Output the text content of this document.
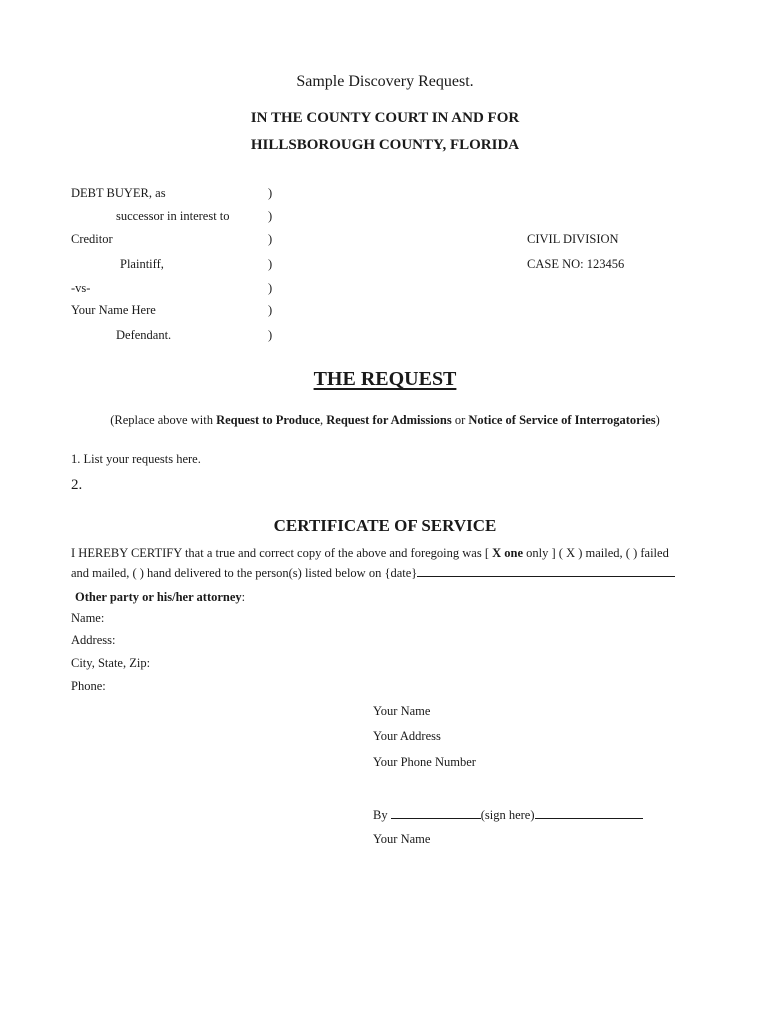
Sample Discovery Request.
IN THE COUNTY COURT IN AND FOR
HILLSBOROUGH COUNTY, FLORIDA
DEBT BUYER, as
successor in interest to
Creditor
Plaintiff,
-vs-
Your Name Here
Defendant.
)
)
)
)
)
)
)
CIVIL DIVISION
CASE NO: 123456
THE REQUEST
(Replace above with Request to Produce, Request for Admissions or Notice of Service of Interrogatories)
1. List your requests here.
2.
CERTIFICATE OF SERVICE
I HEREBY CERTIFY that a true and correct copy of the above and foregoing was [ X one only ] ( X ) mailed, ( ) failed
and mailed, ( ) hand delivered to the person(s) listed below on {date}
Other party or his/her attorney:
Name:
Address:
City, State, Zip:
Phone:
Your Name
Your Address
Your Phone Number
By	(sign here)
Your Name
